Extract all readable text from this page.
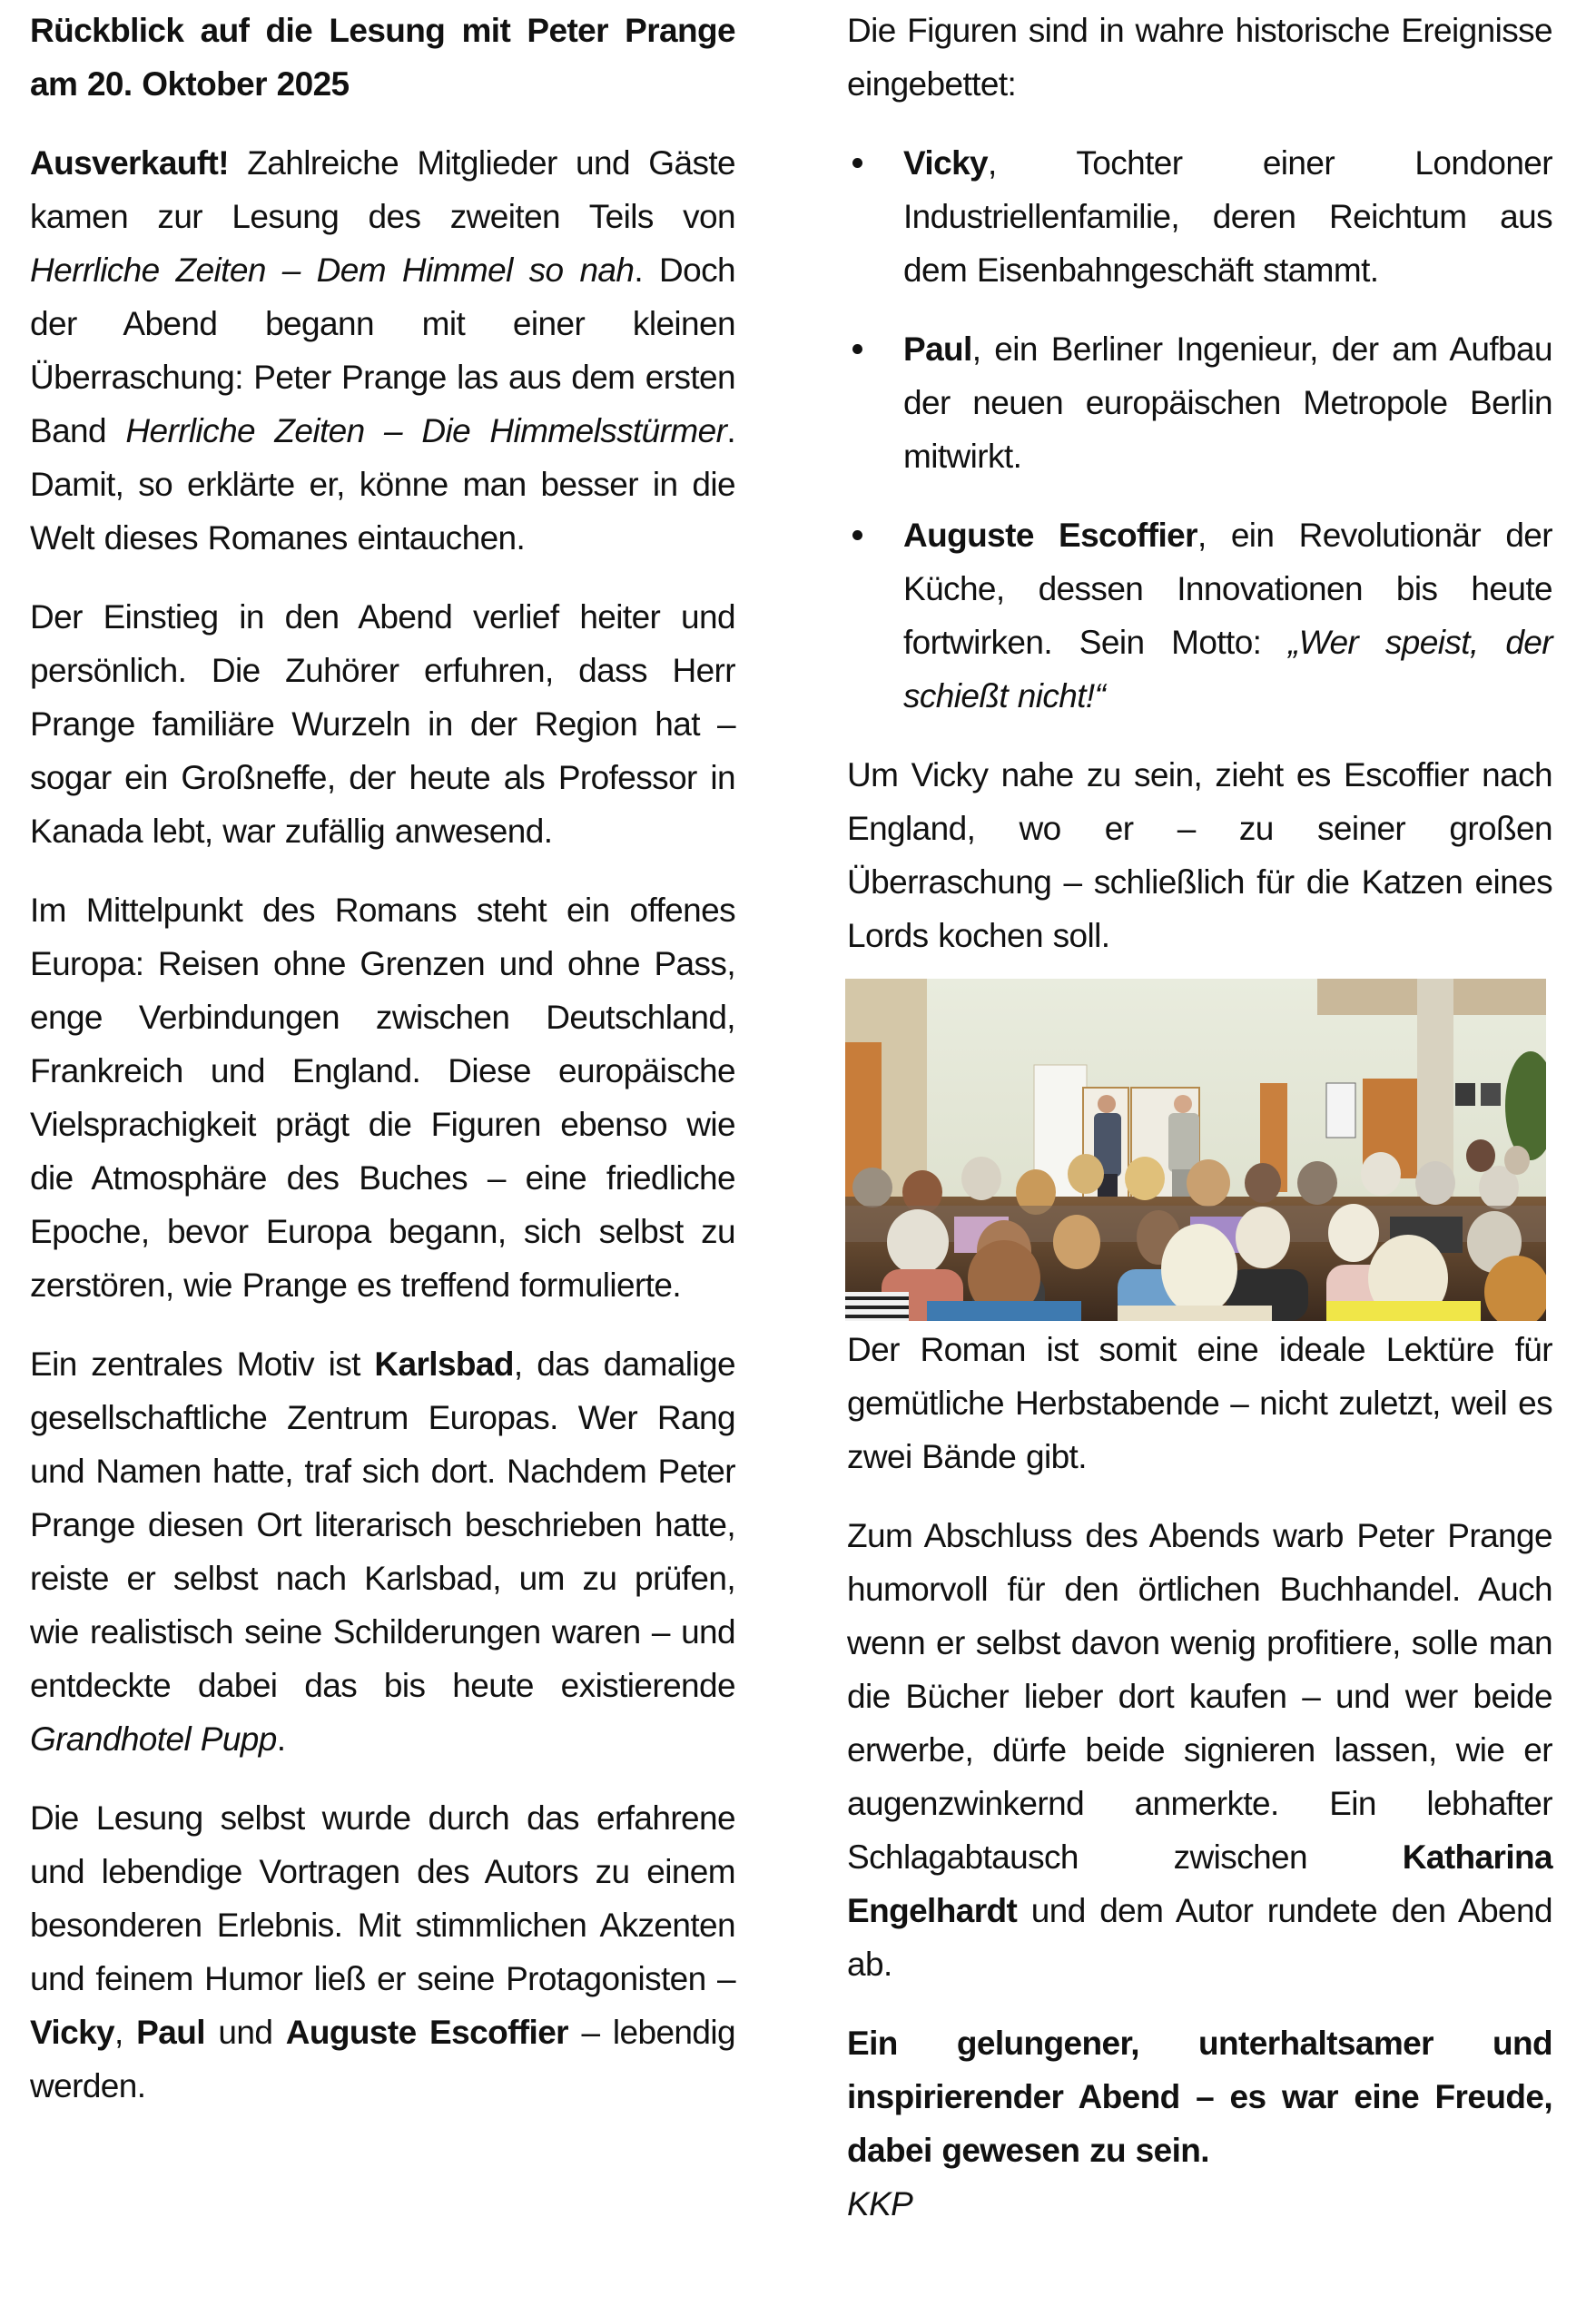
Rückblick auf die Lesung mit Peter Prange am 20. Oktober 2025

Ausverkauft! Zahlreiche Mitglieder und Gäste kamen zur Lesung des zweiten Teils von Herrliche Zeiten – Dem Himmel so nah. Doch der Abend begann mit einer kleinen Überraschung: Peter Prange las aus dem ersten Band Herrliche Zeiten – Die Himmelsstürmer. Damit, so erklärte er, könne man besser in die Welt dieses Romanes eintauchen.

Der Einstieg in den Abend verlief heiter und persönlich. Die Zuhörer erfuhren, dass Herr Prange familiäre Wurzeln in der Region hat – sogar ein Großneffe, der heute als Professor in Kanada lebt, war zufällig anwesend.

Im Mittelpunkt des Romans steht ein offenes Europa: Reisen ohne Grenzen und ohne Pass, enge Verbindungen zwischen Deutschland, Frankreich und England. Diese europäische Vielsprachigkeit prägt die Figuren ebenso wie die Atmosphäre des Buches – eine friedliche Epoche, bevor Europa begann, sich selbst zu zerstören, wie Prange es treffend formulierte.

Ein zentrales Motiv ist Karlsbad, das damalige gesellschaftliche Zentrum Europas. Wer Rang und Namen hatte, traf sich dort. Nachdem Peter Prange diesen Ort literarisch beschrieben hatte, reiste er selbst nach Karlsbad, um zu prüfen, wie realistisch seine Schilderungen waren – und entdeckte dabei das bis heute existierende Grandhotel Pupp.

Die Lesung selbst wurde durch das erfahrene und lebendige Vortragen des Autors zu einem besonderen Erlebnis. Mit stimmlichen Akzenten und feinem Humor ließ er seine Protagonisten – Vicky, Paul und Auguste Escoffier – lebendig werden.

Die Figuren sind in wahre historische Ereignisse eingebettet:

Vicky, Tochter einer Londoner Industriellenfamilie, deren Reichtum aus dem Eisenbahngeschäft stammt.
Paul, ein Berliner Ingenieur, der am Aufbau der neuen europäischen Metropole Berlin mitwirkt.
Auguste Escoffier, ein Revolutionär der Küche, dessen Innovationen bis heute fortwirken. Sein Motto: „Wer speist, der schießt nicht!“

Um Vicky nahe zu sein, zieht es Escoffier nach England, wo er – zu seiner großen Überraschung – schließlich für die Katzen eines Lords kochen soll.

Der Roman ist somit eine ideale Lektüre für gemütliche Herbstabende – nicht zuletzt, weil es zwei Bände gibt.

Zum Abschluss des Abends warb Peter Prange humorvoll für den örtlichen Buchhandel. Auch wenn er selbst davon wenig profitiere, solle man die Bücher lieber dort kaufen – und wer beide erwerbe, dürfe beide signieren lassen, wie er augenzwinkernd anmerkte. Ein lebhafter Schlagabtausch zwischen Katharina Engelhardt und dem Autor rundete den Abend ab.

Ein gelungener, unterhaltsamer und inspirierender Abend – es war eine Freude, dabei gewesen zu sein.

KKP
